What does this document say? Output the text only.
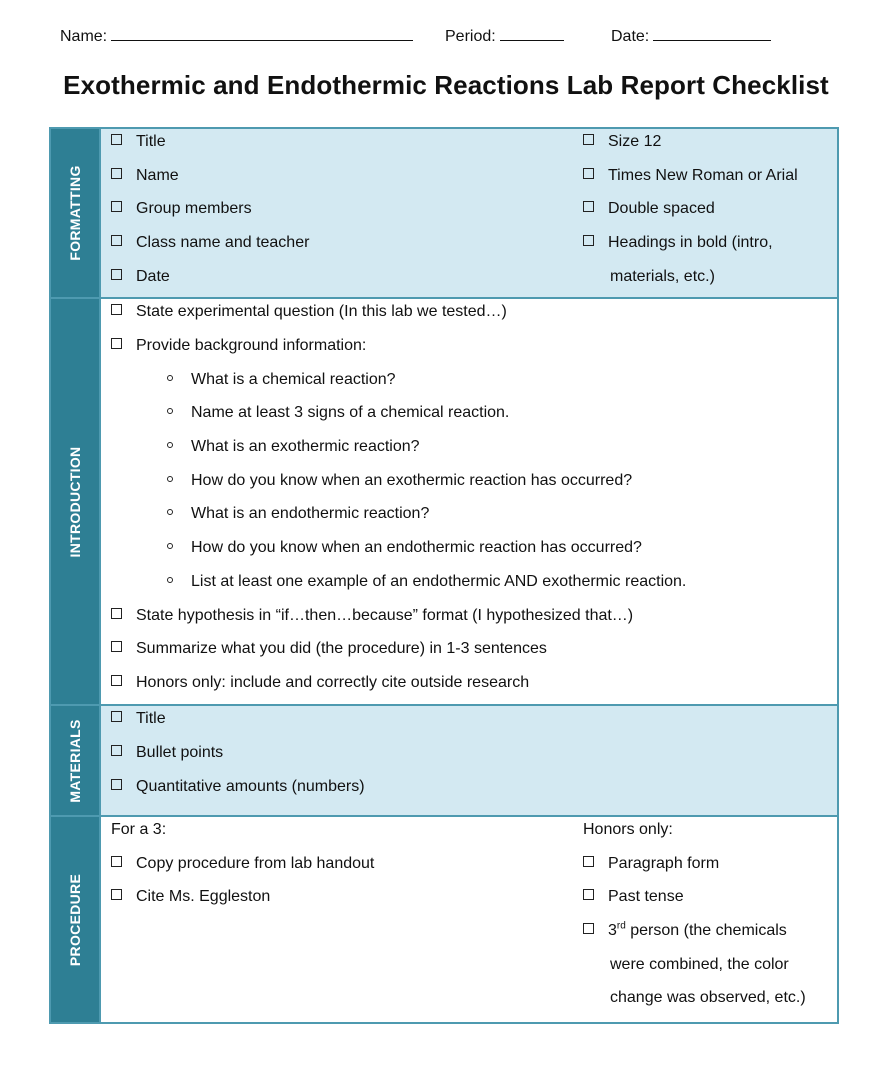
Name:	Period:	Date:
Exothermic and Endothermic Reactions Lab Report Checklist
FORMATTING
Title
Name
Group members
Class name and teacher
Date
Size 12
Times New Roman or Arial
Double spaced
Headings in bold (intro,
materials, etc.)
INTRODUCTION
State experimental question (In this lab we tested…)
Provide background information:
What is a chemical reaction?
Name at least 3 signs of a chemical reaction.
What is an exothermic reaction?
How do you know when an exothermic reaction has occurred?
What is an endothermic reaction?
How do you know when an endothermic reaction has occurred?
List at least one example of an endothermic AND exothermic reaction.
State hypothesis in “if…then…because” format (I hypothesized that…)
Summarize what you did (the procedure) in 1-3 sentences
Honors only: include and correctly cite outside research
MATERIALS
Title
Bullet points
Quantitative amounts (numbers)
PROCEDURE
For a 3:
Copy procedure from lab handout
Cite Ms. Eggleston
Honors only:
Paragraph form
Past tense
3rd person (the chemicals
were combined, the color
change was observed, etc.)
